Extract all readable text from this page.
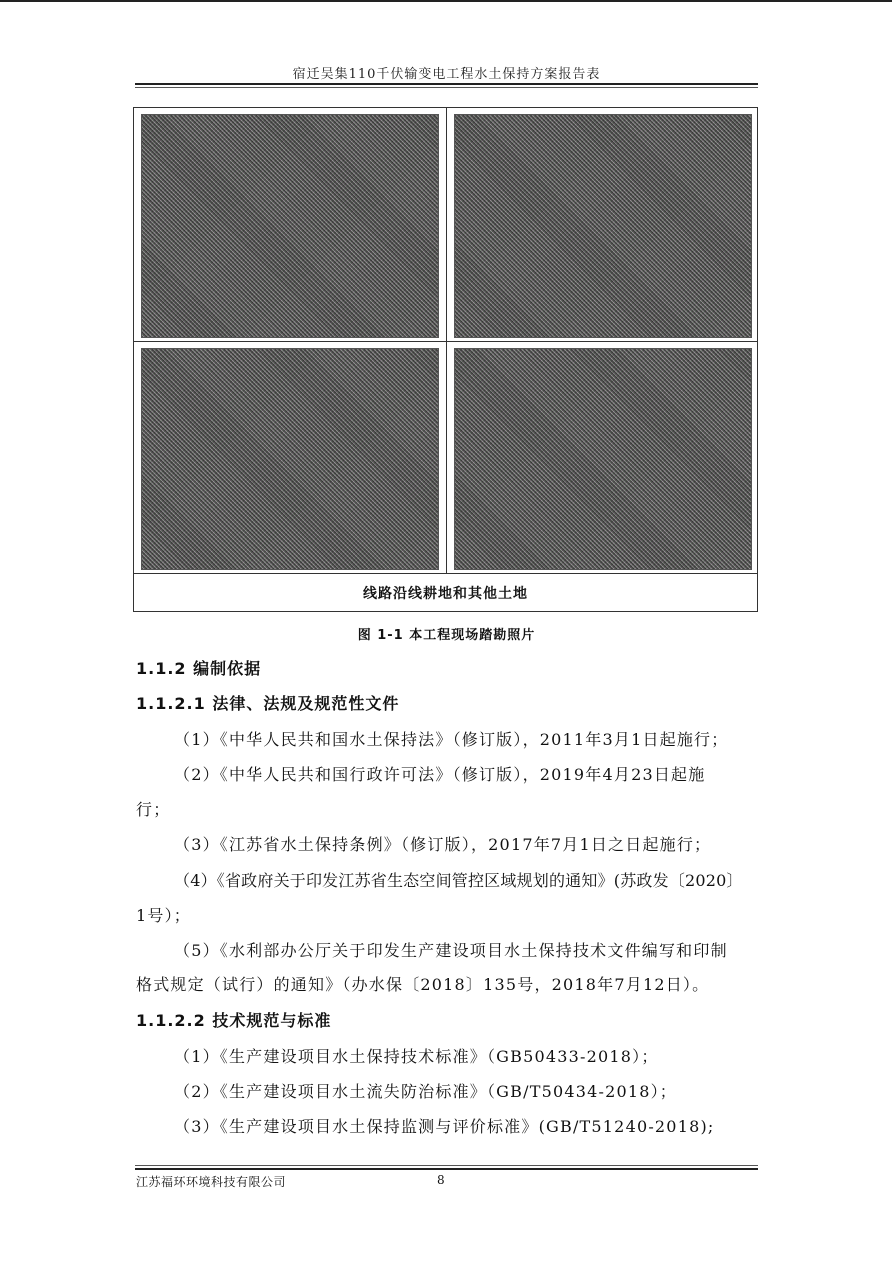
宿迁吴集110千伏输变电工程水土保持方案报告表
线路沿线耕地和其他土地
图 1-1 本工程现场踏勘照片
1.1.2 编制依据
1.1.2.1 法律、法规及规范性文件
（1）《中华人民共和国水土保持法》（修订版），2011年3月1日起施行；
（2）《中华人民共和国行政许可法》（修订版），2019年4月23日起施
行；
（3）《江苏省水土保持条例》（修订版），2017年7月1日之日起施行；
（4）《省政府关于印发江苏省生态空间管控区域规划的通知》(苏政发〔2020〕
1号）；
（5）《水利部办公厅关于印发生产建设项目水土保持技术文件编写和印制
格式规定（试行）的通知》（办水保〔2018〕135号，2018年7月12日）。
1.1.2.2 技术规范与标准
（1）《生产建设项目水土保持技术标准》（GB50433-2018）；
（2）《生产建设项目水土流失防治标准》（GB/T50434-2018）；
（3）《生产建设项目水土保持监测与评价标准》(GB/T51240-2018);
江苏福环环境科技有限公司	8
